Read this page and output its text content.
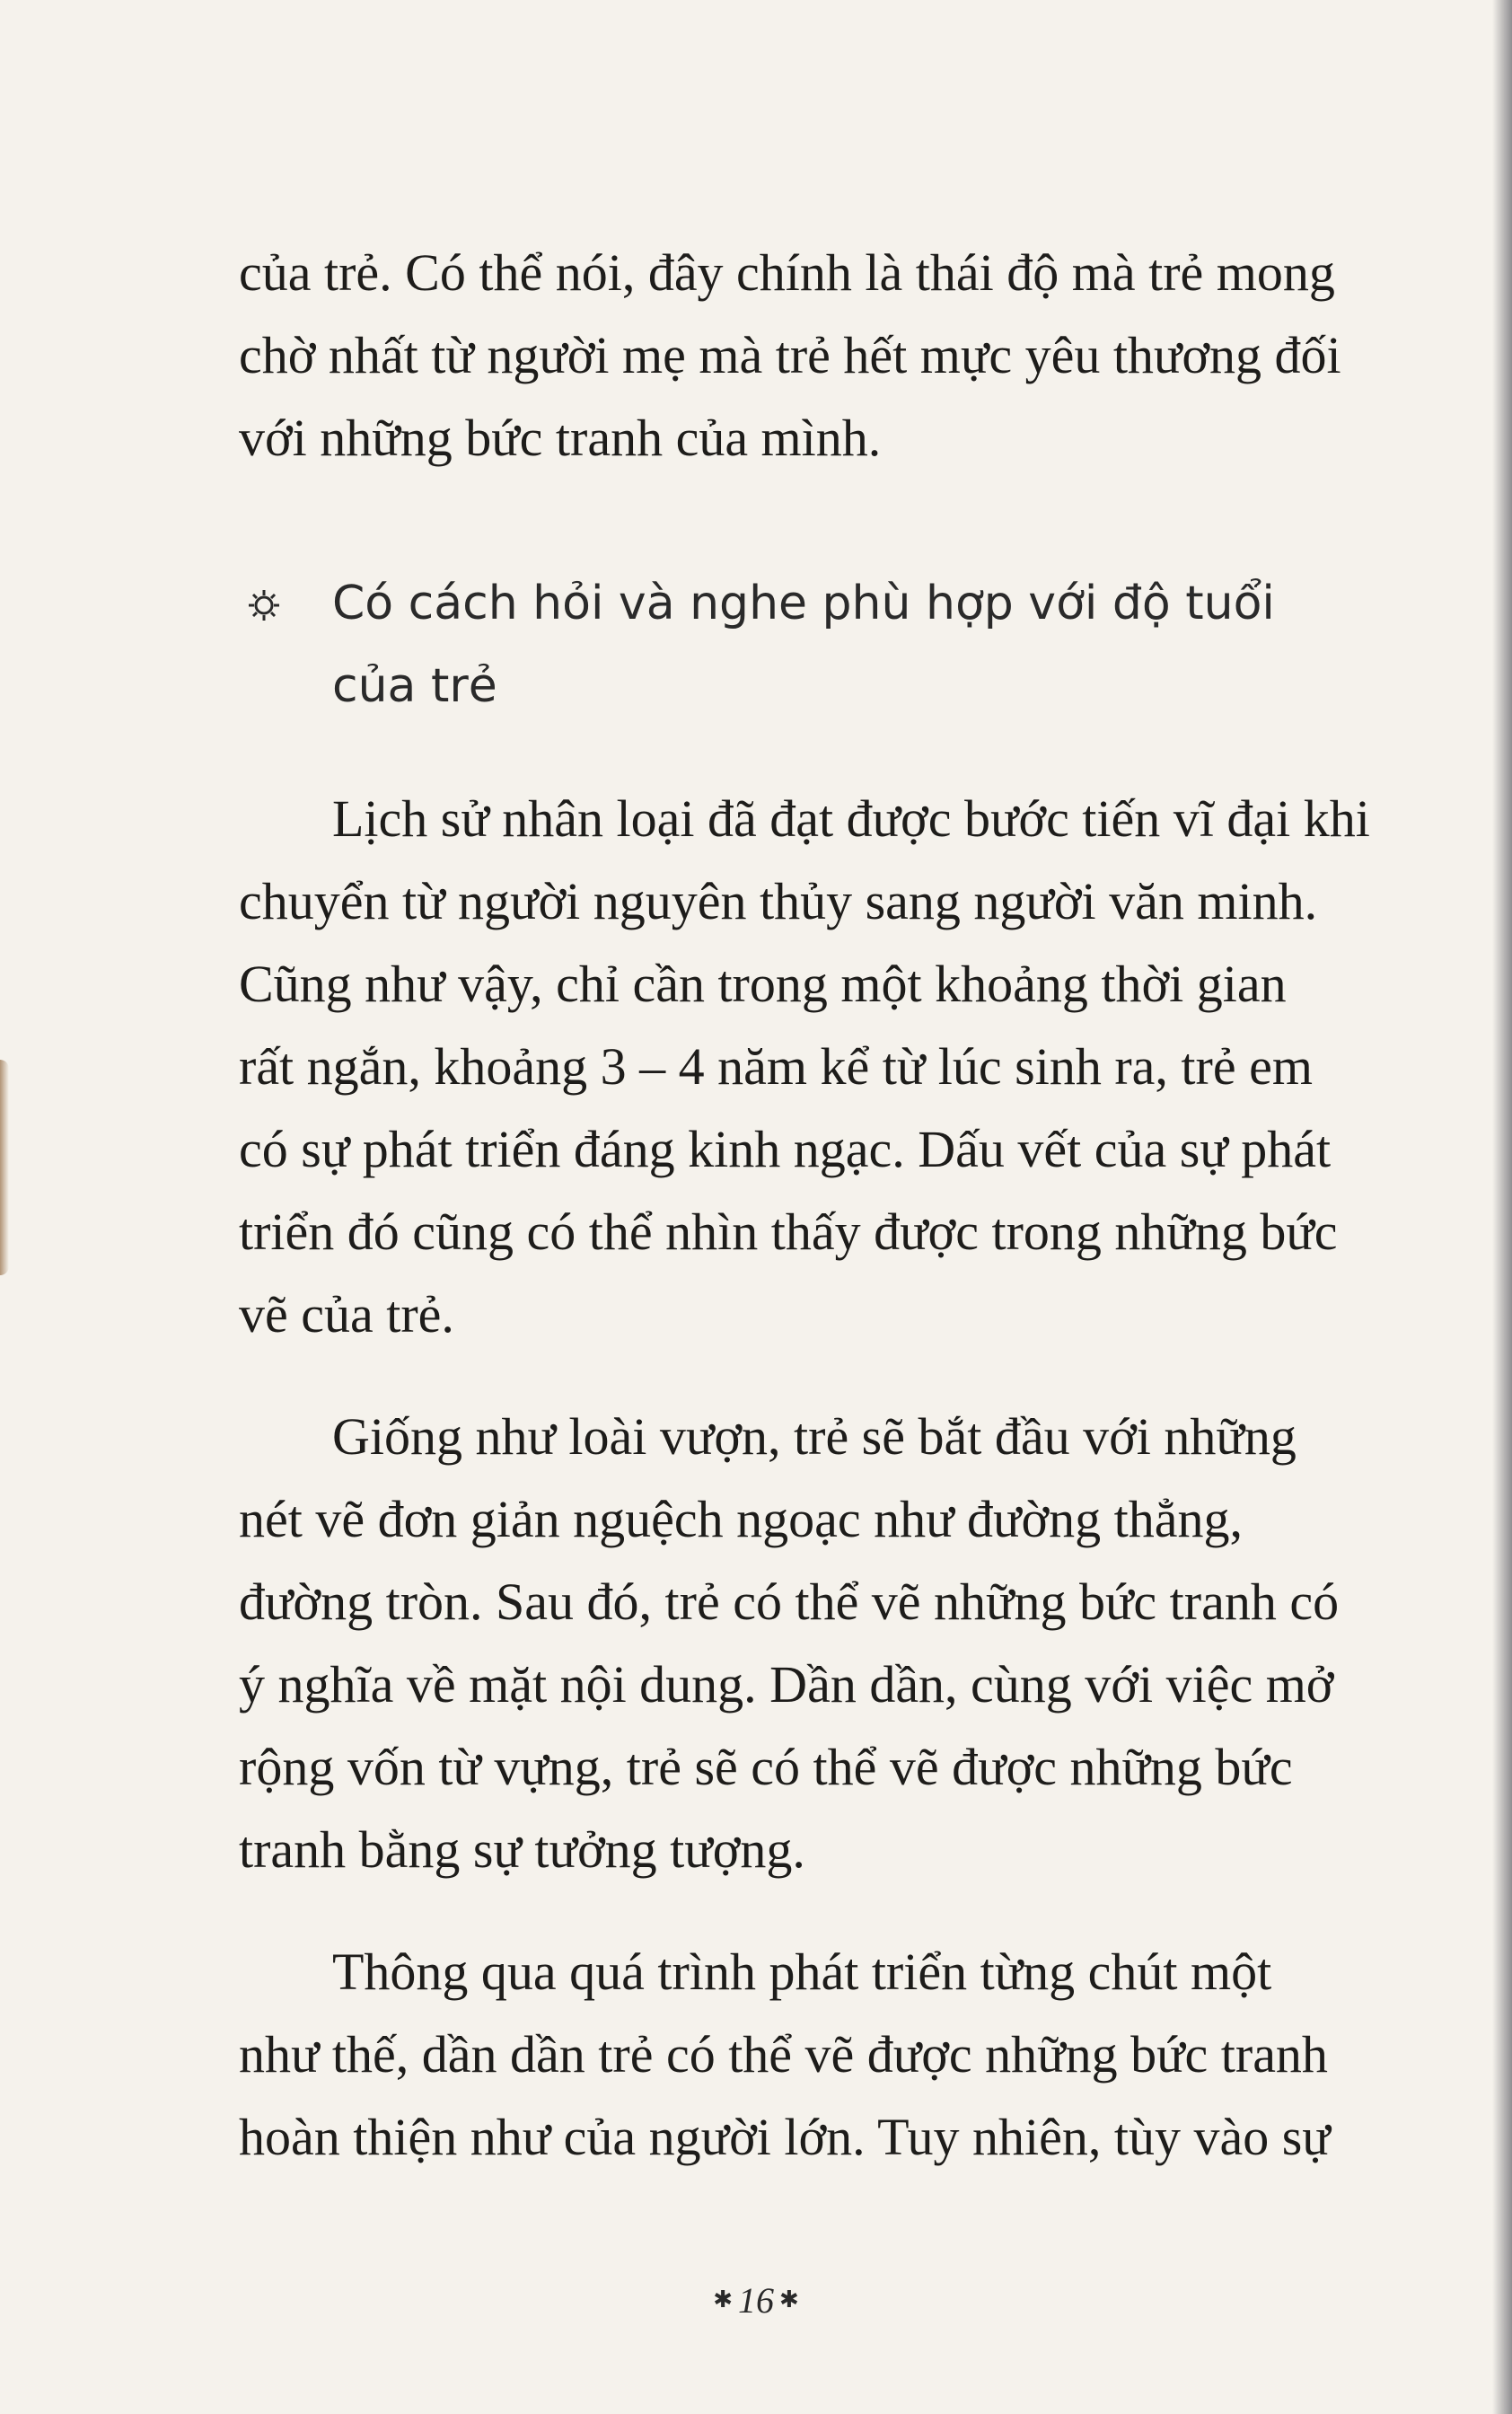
của trẻ. Có thể nói, đây chính là thái độ mà trẻ mong
chờ nhất từ người mẹ mà trẻ hết mực yêu thương đối
với những bức tranh của mình.

Có cách hỏi và nghe phù hợp với độ tuổi
của trẻ

Lịch sử nhân loại đã đạt được bước tiến vĩ đại khi
chuyển từ người nguyên thủy sang người văn minh.
Cũng như vậy, chỉ cần trong một khoảng thời gian
rất ngắn, khoảng 3 – 4 năm kể từ lúc sinh ra, trẻ em
có sự phát triển đáng kinh ngạc. Dấu vết của sự phát
triển đó cũng có thể nhìn thấy được trong những bức
vẽ của trẻ.

Giống như loài vượn, trẻ sẽ bắt đầu với những
nét vẽ đơn giản nguệch ngoạc như đường thẳng,
đường tròn. Sau đó, trẻ có thể vẽ những bức tranh có
ý nghĩa về mặt nội dung. Dần dần, cùng với việc mở
rộng vốn từ vựng, trẻ sẽ có thể vẽ được những bức
tranh bằng sự tưởng tượng.

Thông qua quá trình phát triển từng chút một
như thế, dần dần trẻ có thể vẽ được những bức tranh
hoàn thiện như của người lớn. Tuy nhiên, tùy vào sự

✱ 16 ✱
